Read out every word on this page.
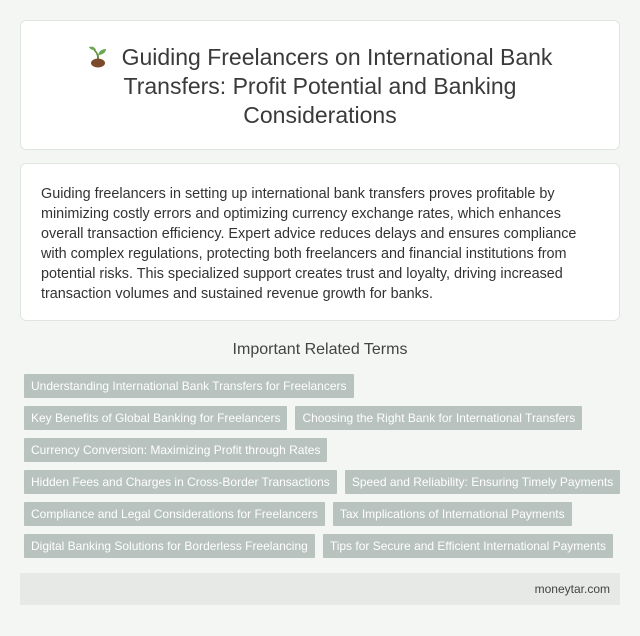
Guiding Freelancers on International Bank Transfers: Profit Potential and Banking Considerations

Guiding freelancers in setting up international bank transfers proves profitable by minimizing costly errors and optimizing currency exchange rates, which enhances overall transaction efficiency. Expert advice reduces delays and ensures compliance with complex regulations, protecting both freelancers and financial institutions from potential risks. This specialized support creates trust and loyalty, driving increased transaction volumes and sustained revenue growth for banks.

Important Related Terms
Understanding International Bank Transfers for Freelancers
Key Benefits of Global Banking for Freelancers	Choosing the Right Bank for International Transfers
Currency Conversion: Maximizing Profit through Rates
Hidden Fees and Charges in Cross-Border Transactions	Speed and Reliability: Ensuring Timely Payments
Compliance and Legal Considerations for Freelancers	Tax Implications of International Payments
Digital Banking Solutions for Borderless Freelancing	Tips for Secure and Efficient International Payments
moneytar.com
